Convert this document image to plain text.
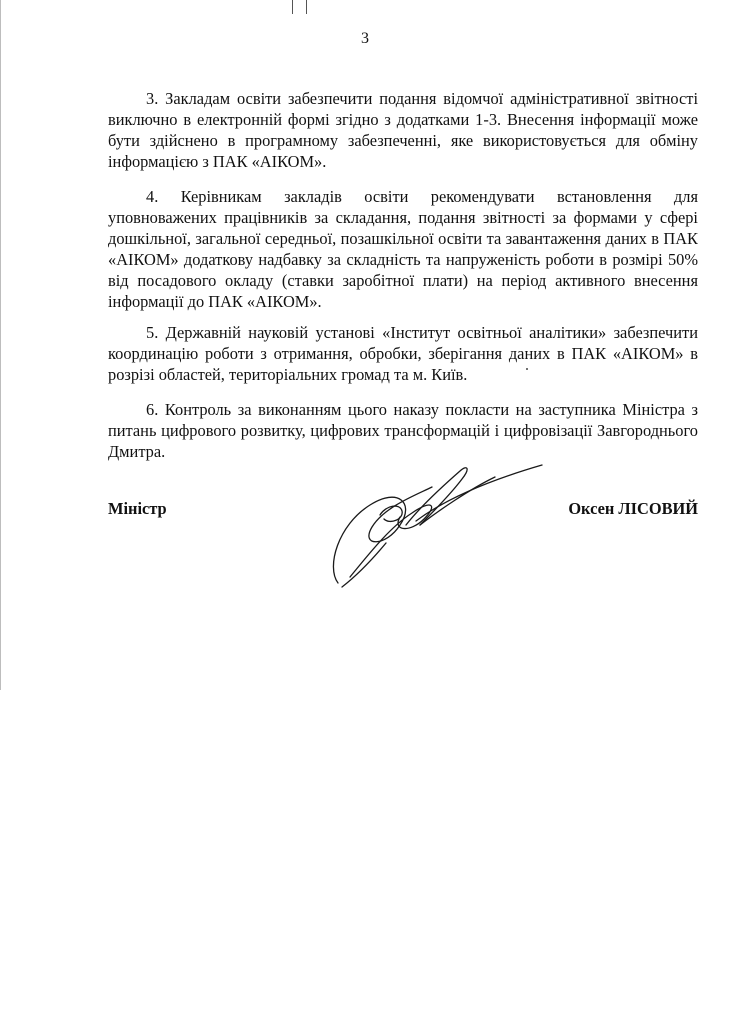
3

3. Закладам освіти забезпечити подання відомчої адміністративної звітності виключно в електронній формі згідно з додатками 1-3. Внесення інформації може бути здійснено в програмному забезпеченні, яке використовується для обміну інформацією з ПАК «АІКОМ».

4. Керівникам закладів освіти рекомендувати встановлення для уповноважених працівників за складання, подання звітності за формами у сфері дошкільної, загальної середньої, позашкільної освіти та завантаження даних в ПАК «АІКОМ» додаткову надбавку за складність та напруженість роботи в розмірі 50% від посадового окладу (ставки заробітної плати) на період активного внесення інформації до ПАК «АІКОМ».

5. Державній науковій установі «Інститут освітньої аналітики» забезпечити координацію роботи з отримання, обробки, зберігання даних в ПАК «АІКОМ» в розрізі областей, територіальних громад та м. Київ.

6. Контроль за виконанням цього наказу покласти на заступника Міністра з питань цифрового розвитку, цифрових трансформацій і цифровізації Завгороднього Дмитра.

Міністр	Оксен ЛІСОВИЙ
